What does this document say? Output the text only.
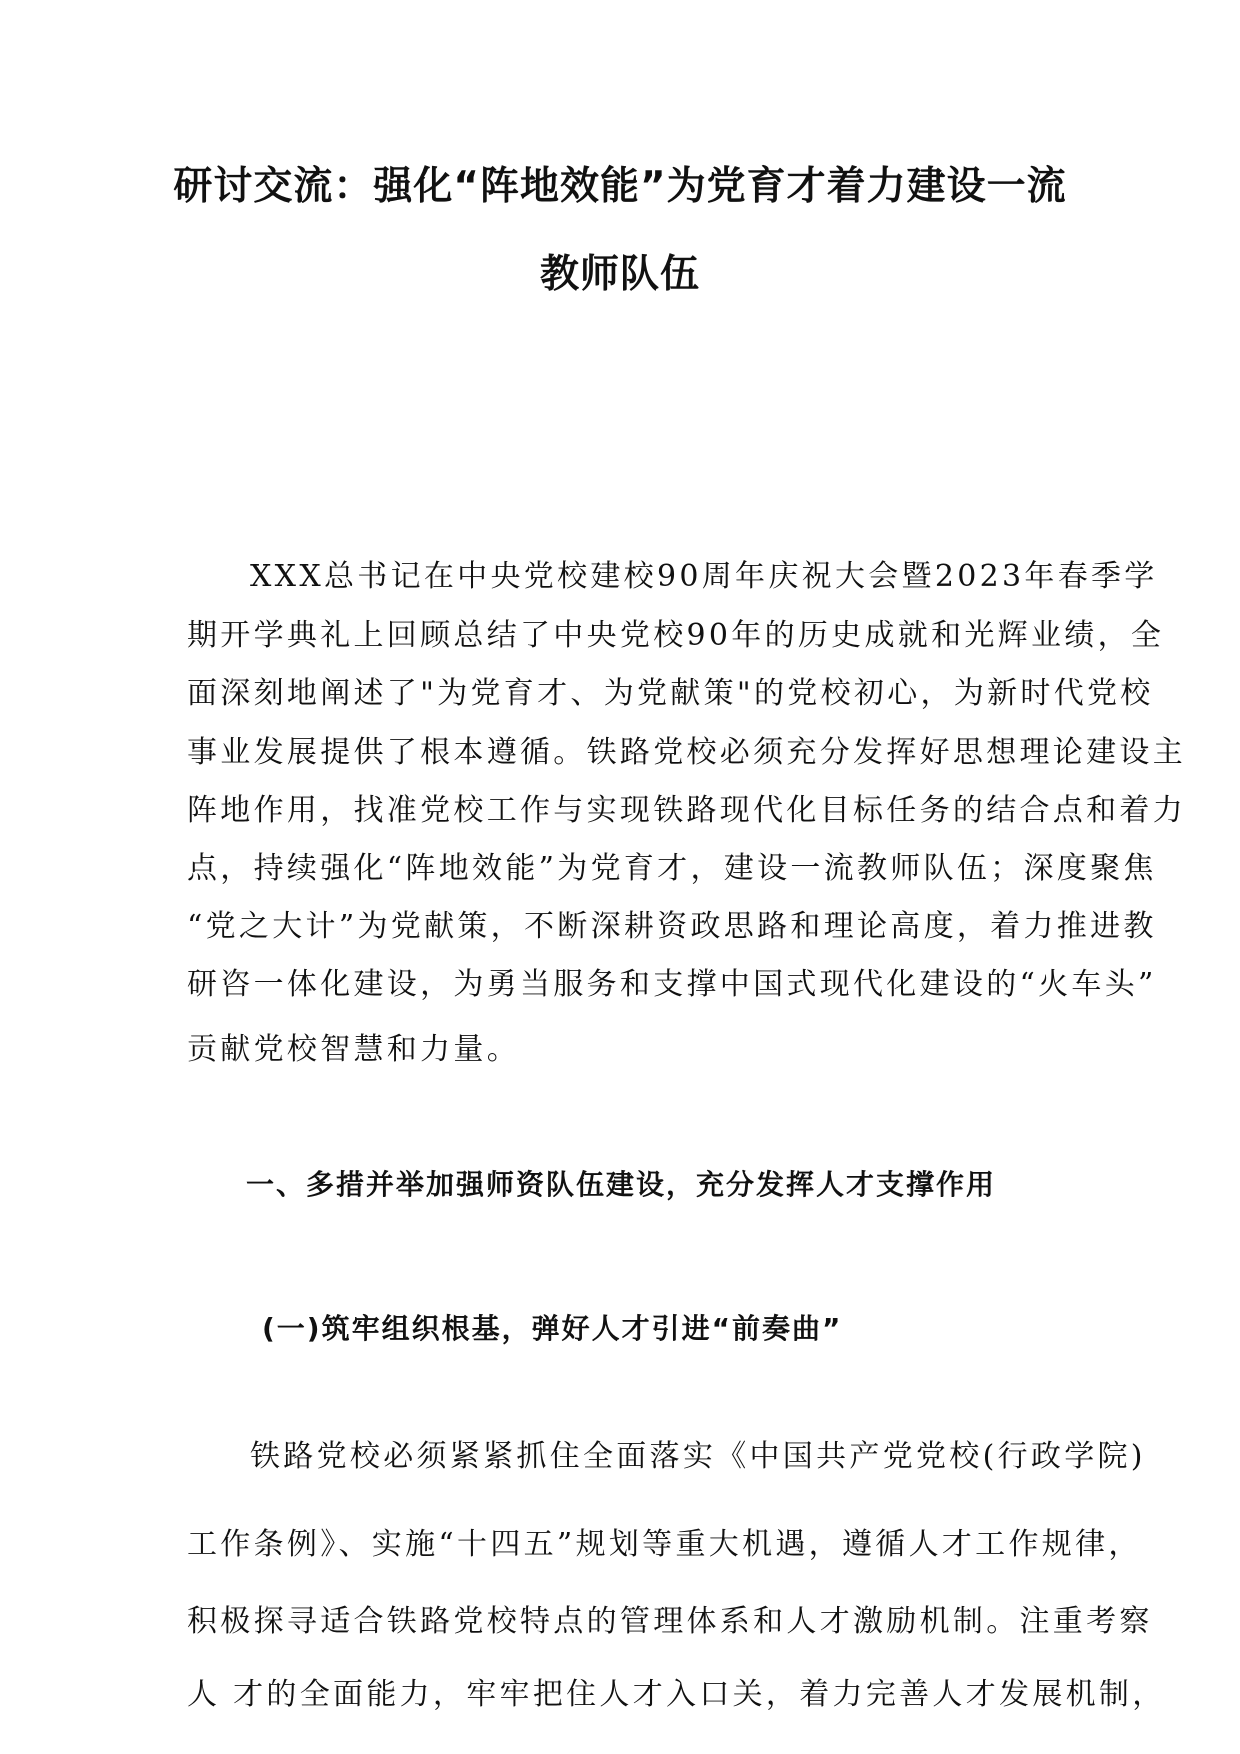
研讨交流：强化“阵地效能”为党育才着力建设一流
教师队伍

XXX总书记在中央党校建校90周年庆祝大会暨2023年春季学

期开学典礼上回顾总结了中央党校90年的历史成就和光辉业绩，全

面深刻地阐述了"为党育才、为党献策"的党校初心，为新时代党校

事业发展提供了根本遵循。铁路党校必须充分发挥好思想理论建设主

阵地作用，找准党校工作与实现铁路现代化目标任务的结合点和着力

点，持续强化“阵地效能”为党育才，建设一流教师队伍；深度聚焦

“党之大计”为党献策，不断深耕资政思路和理论高度，着力推进教

研咨一体化建设，为勇当服务和支撑中国式现代化建设的“火车头”

贡献党校智慧和力量。

一、多措并举加强师资队伍建设，充分发挥人才支撑作用
(一)筑牢组织根基，弹好人才引进“前奏曲”

铁路党校必须紧紧抓住全面落实《中国共产党党校(行政学院)

工作条例》、实施“十四五”规划等重大机遇，遵循人才工作规律，

积极探寻适合铁路党校特点的管理体系和人才激励机制。注重考察

人 才的全面能力，牢牢把住人才入口关，着力完善人才发展机制，
